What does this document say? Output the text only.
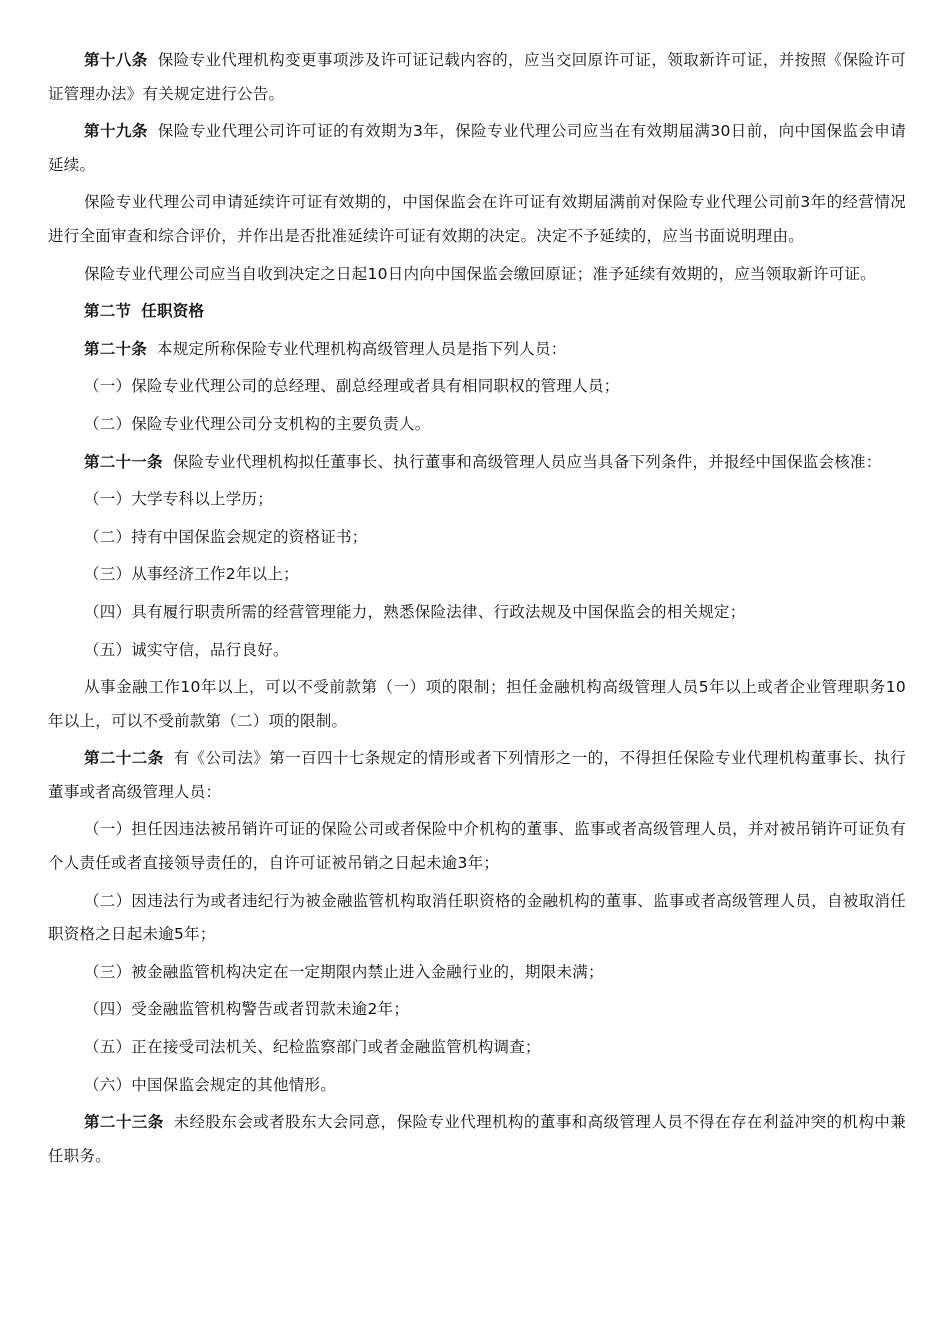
第十八条 保险专业代理机构变更事项涉及许可证记载内容的，应当交回原许可证，领取新许可证，并按照《保险许可证管理办法》有关规定进行公告。

第十九条 保险专业代理公司许可证的有效期为3年，保险专业代理公司应当在有效期届满30日前，向中国保监会申请延续。

保险专业代理公司申请延续许可证有效期的，中国保监会在许可证有效期届满前对保险专业代理公司前3年的经营情况进行全面审查和综合评价，并作出是否批准延续许可证有效期的决定。决定不予延续的，应当书面说明理由。

保险专业代理公司应当自收到决定之日起10日内向中国保监会缴回原证；准予延续有效期的，应当领取新许可证。

第二节 任职资格

第二十条 本规定所称保险专业代理机构高级管理人员是指下列人员：

（一）保险专业代理公司的总经理、副总经理或者具有相同职权的管理人员；

（二）保险专业代理公司分支机构的主要负责人。

第二十一条 保险专业代理机构拟任董事长、执行董事和高级管理人员应当具备下列条件，并报经中国保监会核准：

（一）大学专科以上学历；

（二）持有中国保监会规定的资格证书；

（三）从事经济工作2年以上；

（四）具有履行职责所需的经营管理能力，熟悉保险法律、行政法规及中国保监会的相关规定；

（五）诚实守信，品行良好。

从事金融工作10年以上，可以不受前款第（一）项的限制；担任金融机构高级管理人员5年以上或者企业管理职务10年以上，可以不受前款第（二）项的限制。

第二十二条 有《公司法》第一百四十七条规定的情形或者下列情形之一的，不得担任保险专业代理机构董事长、执行董事或者高级管理人员：

（一）担任因违法被吊销许可证的保险公司或者保险中介机构的董事、监事或者高级管理人员，并对被吊销许可证负有个人责任或者直接领导责任的，自许可证被吊销之日起未逾3年；

（二）因违法行为或者违纪行为被金融监管机构取消任职资格的金融机构的董事、监事或者高级管理人员，自被取消任职资格之日起未逾5年；

（三）被金融监管机构决定在一定期限内禁止进入金融行业的，期限未满；

（四）受金融监管机构警告或者罚款未逾2年；

（五）正在接受司法机关、纪检监察部门或者金融监管机构调查；

（六）中国保监会规定的其他情形。

第二十三条 未经股东会或者股东大会同意，保险专业代理机构的董事和高级管理人员不得在存在利益冲突的机构中兼任职务。
